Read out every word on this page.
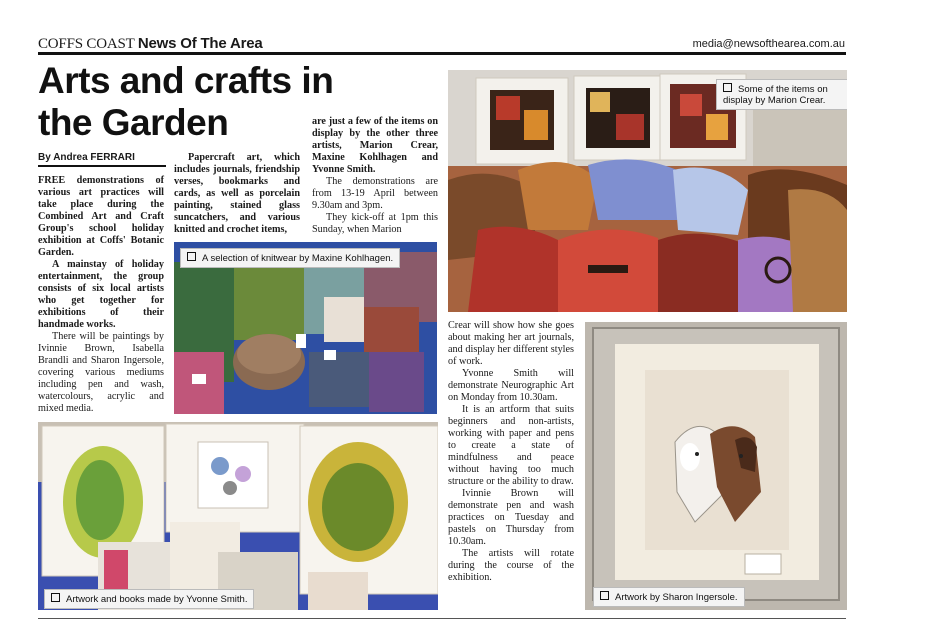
COFFS COAST News Of The Area	media@newsofthearea.com.au
Arts and crafts in
the Garden
By Andrea FERRARI

FREE demonstrations of various art practices will take place during the Combined Art and Craft Group's school holiday exhibition at Coffs' Botanic Garden.

A mainstay of holiday entertainment, the group consists of six local artists who get together for exhibitions of their handmade works.

There will be paintings by Ivinnie Brown, Isabella Brandli and Sharon Ingersole, covering various mediums including pen and wash, watercolours, acrylic and mixed media.

Papercraft art, which includes journals, friendship verses, bookmarks and cards, as well as porcelain painting, stained glass suncatchers, and various knitted and crochet items,

are just a few of the items on display by the other three artists, Marion Crear, Maxine Kohlhagen and Yvonne Smith.

The demonstrations are from 13-19 April between 9.30am and 3pm.

They kick-off at 1pm this Sunday, when Marion

Crear will show how she goes about making her art journals, and display her different styles of work.

Yvonne Smith will demonstrate Neurographic Art on Monday from 10.30am.

It is an artform that suits beginners and non-artists, working with paper and pens to create a state of mindfulness and peace without having too much structure or the ability to draw.

Ivinnie Brown will demonstrate pen and wash practices on Tuesday and pastels on Thursday from 10.30am.

The artists will rotate during the course of the exhibition.

Some of the items on display by Marion Crear.
A selection of knitwear by Maxine Kohlhagen.
Artwork and books made by Yvonne Smith.	Artwork by Sharon Ingersole.
